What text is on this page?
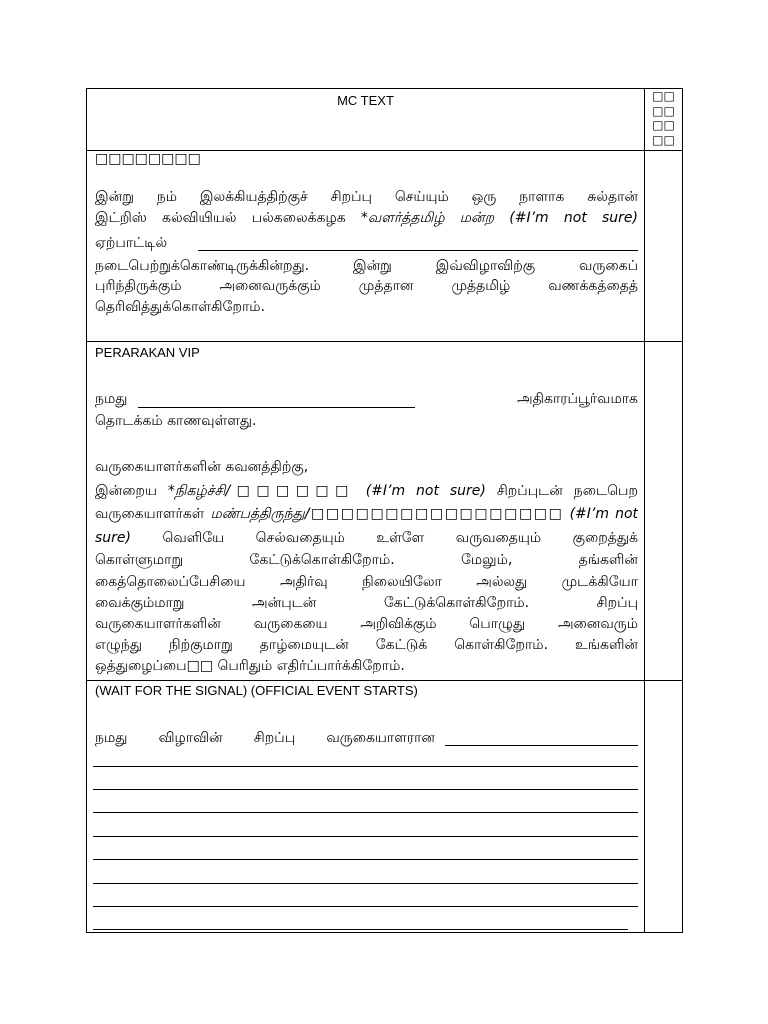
MC TEXT	□□
□□
□□
□□
□□□□□□□□
இன்று நம் இலக்கியத்திற்குச் சிறப்பு செய்யும் ஒரு நாளாக சுல்தான்
இட்றிஸ் கல்வியியல் பல்கலைக்கழக *வளர்த்தமிழ் மன்ற (#I’m not sure)
ஏற்பாட்டில்
நடைபெற்றுக்கொண்டிருக்கின்றது. இன்று இவ்விழாவிற்கு வருகைப்
புரிந்திருக்கும் அனைவருக்கும் முத்தான முத்தமிழ் வணக்கத்தைத்
தெரிவித்துக்கொள்கிறோம்.
PERARAKAN VIP
நமது	அதிகாரப்பூர்வமாக
தொடக்கம் காணவுள்ளது.
வருகையாளர்களின் கவனத்திற்கு,
இன்றைய *நிகழ்ச்சி/□□□□□□ (#I’m not sure) சிறப்புடன் நடைபெற
வருகையாளர்கள் மண்பத்திருந்து/□□□□□□□□□□□□□□□□□ (#I’m not
sure) வெளியே செல்வதையும் உள்ளே வருவதையும் குறைத்துக்
கொள்ளுமாறு கேட்டுக்கொள்கிறோம். மேலும், தங்களின்
கைத்தொலைப்பேசியை அதிர்வு நிலையிலோ அல்லது முடக்கியோ
வைக்கும்மாறு அன்புடன் கேட்டுக்கொள்கிறோம். சிறப்பு
வருகையாளர்களின் வருகையை அறிவிக்கும் பொழுது அனைவரும்
எழுந்து நிற்குமாறு தாழ்மையுடன் கேட்டுக் கொள்கிறோம். உங்களின்
ஒத்துழைப்பை□□ பெரிதும் எதிர்ப்பார்க்கிறோம்.
(WAIT FOR THE SIGNAL) (OFFICIAL EVENT STARTS)
நமது விழாவின் சிறப்பு வருகையாளரான
